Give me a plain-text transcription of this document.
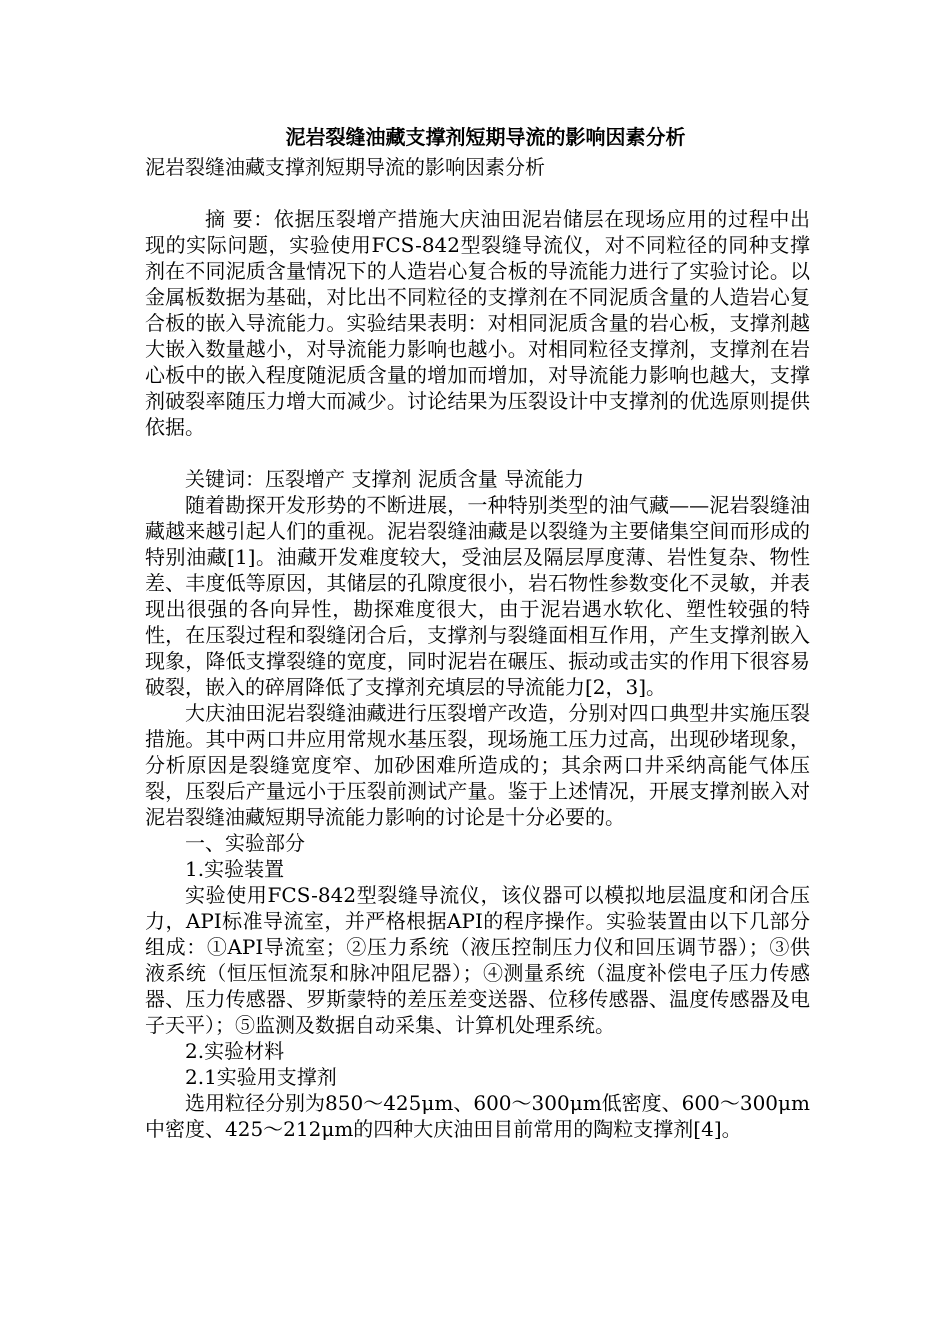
泥岩裂缝油藏支撑剂短期导流的影响因素分析

泥岩裂缝油藏支撑剂短期导流的影响因素分析

摘 要：依据压裂增产措施大庆油田泥岩储层在现场应用的过程中出现的实际问题，实验使用FCS-842型裂缝导流仪，对不同粒径的同种支撑剂在不同泥质含量情况下的人造岩心复合板的导流能力进行了实验讨论。以金属板数据为基础，对比出不同粒径的支撑剂在不同泥质含量的人造岩心复合板的嵌入导流能力。实验结果表明：对相同泥质含量的岩心板，支撑剂越大嵌入数量越小，对导流能力影响也越小。对相同粒径支撑剂，支撑剂在岩心板中的嵌入程度随泥质含量的增加而增加，对导流能力影响也越大，支撑剂破裂率随压力增大而减少。讨论结果为压裂设计中支撑剂的优选原则提供依据。

关键词：压裂增产 支撑剂 泥质含量 导流能力

随着勘探开发形势的不断进展，一种特别类型的油气藏——泥岩裂缝油藏越来越引起人们的重视。泥岩裂缝油藏是以裂缝为主要储集空间而形成的特别油藏[1]。油藏开发难度较大，受油层及隔层厚度薄、岩性复杂、物性差、丰度低等原因，其储层的孔隙度很小，岩石物性参数变化不灵敏，并表现出很强的各向异性，勘探难度很大，由于泥岩遇水软化、塑性较强的特性，在压裂过程和裂缝闭合后，支撑剂与裂缝面相互作用，产生支撑剂嵌入现象，降低支撑裂缝的宽度，同时泥岩在碾压、振动或击实的作用下很容易破裂，嵌入的碎屑降低了支撑剂充填层的导流能力[2，3]。

大庆油田泥岩裂缝油藏进行压裂增产改造，分别对四口典型井实施压裂措施。其中两口井应用常规水基压裂，现场施工压力过高，出现砂堵现象，分析原因是裂缝宽度窄、加砂困难所造成的；其余两口井采纳高能气体压裂，压裂后产量远小于压裂前测试产量。鉴于上述情况，开展支撑剂嵌入对泥岩裂缝油藏短期导流能力影响的讨论是十分必要的。

一、实验部分

1.实验装置

实验使用FCS-842型裂缝导流仪，该仪器可以模拟地层温度和闭合压力，API标准导流室，并严格根据API的程序操作。实验装置由以下几部分组成：①API导流室；②压力系统（液压控制压力仪和回压调节器）；③供液系统（恒压恒流泵和脉冲阻尼器）；④测量系统（温度补偿电子压力传感器、压力传感器、罗斯蒙特的差压差变送器、位移传感器、温度传感器及电子天平）；⑤监测及数据自动采集、计算机处理系统。

2.实验材料

2.1实验用支撑剂

选用粒径分别为850～425μm、600～300μm低密度、600～300μm中密度、425～212μm的四种大庆油田目前常用的陶粒支撑剂[4]。
